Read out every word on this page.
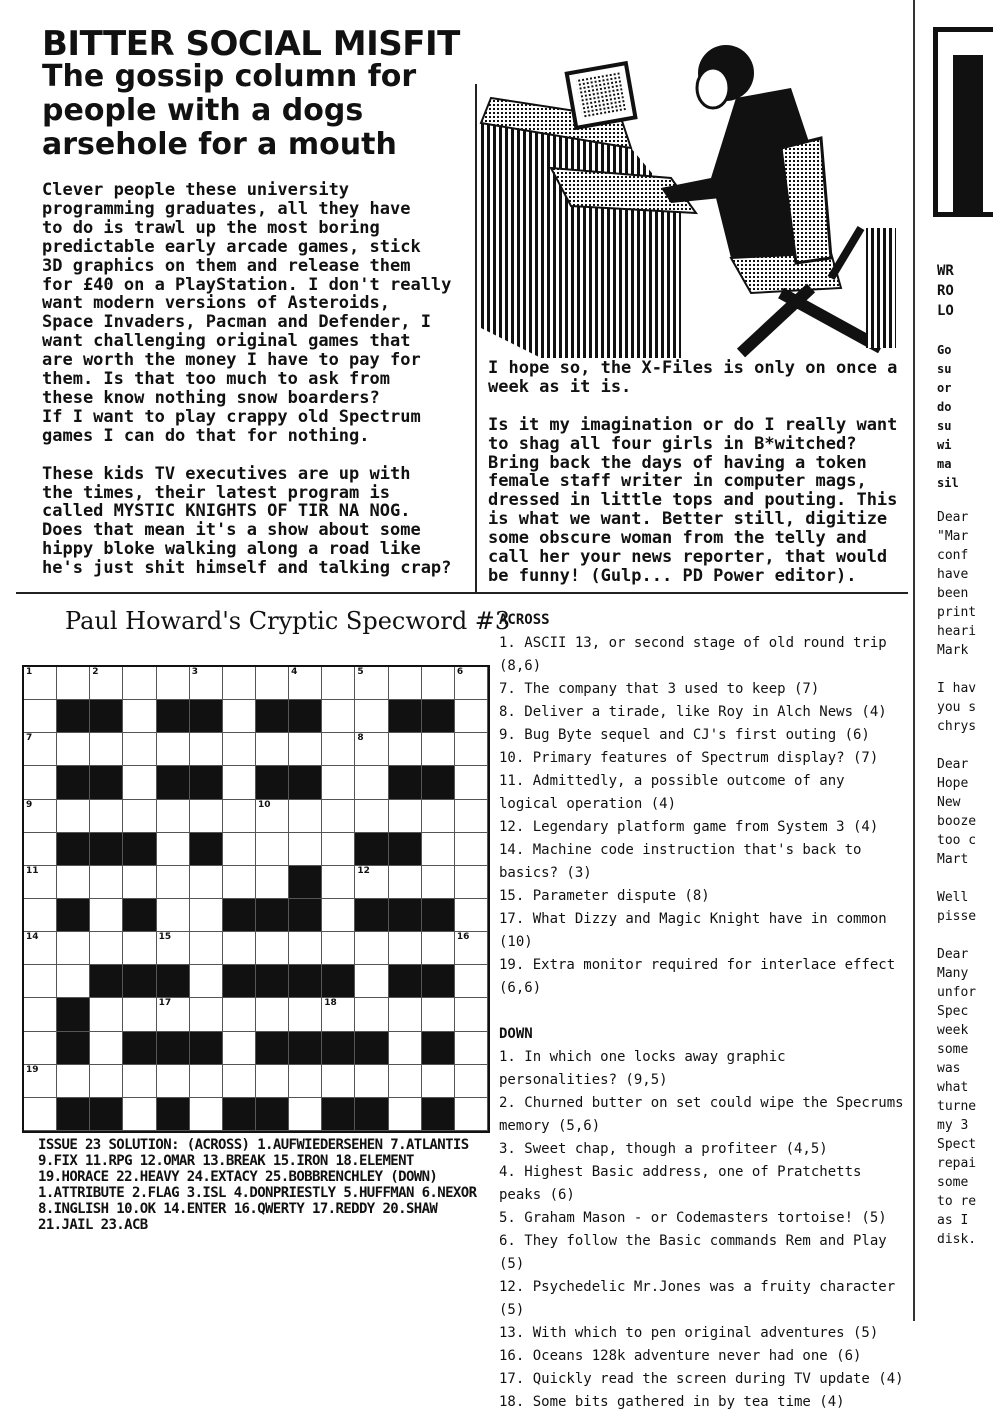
BITTER SOCIAL MISFIT
The gossip column for people with a dogs arsehole for a mouth
Clever people these university
programming graduates, all they have
to do is trawl up the most boring
predictable early arcade games, stick
3D graphics on them and release them
for £40 on a PlayStation. I don't really
want modern versions of Asteroids,
Space Invaders, Pacman and Defender, I
want challenging original games that
are worth the money I have to pay for
them. Is that too much to ask from
these know nothing snow boarders?
If I want to play crappy old Spectrum
games I can do that for nothing.

These kids TV executives are up with
the times, their latest program is
called MYSTIC KNIGHTS OF TIR NA NOG.
Does that mean it's a show about some
hippy bloke walking along a road like
he's just shit himself and talking crap?
I hope so, the X-Files is only on once a
week as it is.

Is it my imagination or do I really want
to shag all four girls in B*witched?
Bring back the days of having a token
female staff writer in computer mags,
dressed in little tops and pouting. This
is what we want. Better still, digitize
some obscure woman from the telly and
call her your news reporter, that would
be funny! (Gulp... PD Power editor).
Paul Howard's Cryptic Specword #3
1	2	3	4	5	6
7	8
9	10
11	12
13
14	15	16
17	18
19
ISSUE 23 SOLUTION: (ACROSS) 1.AUFWIEDERSEHEN 7.ATLANTIS 9.FIX 11.RPG 12.OMAR 13.BREAK 15.IRON 18.ELEMENT 19.HORACE 22.HEAVY 24.EXTACY 25.BOBBRENCHLEY (DOWN) 1.ATTRIBUTE 2.FLAG 3.ISL 4.DONPRIESTLY 5.HUFFMAN 6.NEXOR 8.INGLISH 10.OK 14.ENTER 16.QWERTY 17.REDDY 20.SHAW 21.JAIL 23.ACB
ACROSS
1. ASCII 13, or second stage of old round trip (8,6)
7. The company that 3 used to keep (7)
8. Deliver a tirade, like Roy in Alch News (4)
9. Bug Byte sequel and CJ's first outing (6)
10. Primary features of Spectrum display? (7)
11. Admittedly, a possible outcome of any logical operation (4)
12. Legendary platform game from System 3 (4)
14. Machine code instruction that's back to basics? (3)
15. Parameter dispute (8)
17. What Dizzy and Magic Knight have in common (10)
19. Extra monitor required for interlace effect (6,6)
DOWN
1. In which one locks away graphic personalities? (9,5)
2. Churned butter on set could wipe the Specrums memory (5,6)
3. Sweet chap, though a profiteer (4,5)
4. Highest Basic address, one of Pratchetts peaks (6)
5. Graham Mason - or Codemasters tortoise! (5)
6. They follow the Basic commands Rem and Play (5)
12. Psychedelic Mr.Jones was a fruity character (5)
13. With which to pen original adventures (5)
16. Oceans 128k adventure never had one (6)
17. Quickly read the screen during TV update (4)
18. Some bits gathered in by tea time (4)
WR
RO
LO
Go
su
or
do
su
wi
ma
sil
Dear
"Mar
conf
have
been
print
heari
Mark
I hav
you s
chrys
Dear
Hope
New
booze
too c
Mart
Well
pisse
Dear
Many
unfor
Spec
week
some
was
what
turne
my 3
Spect
repai
some
to re
as I
disk.
